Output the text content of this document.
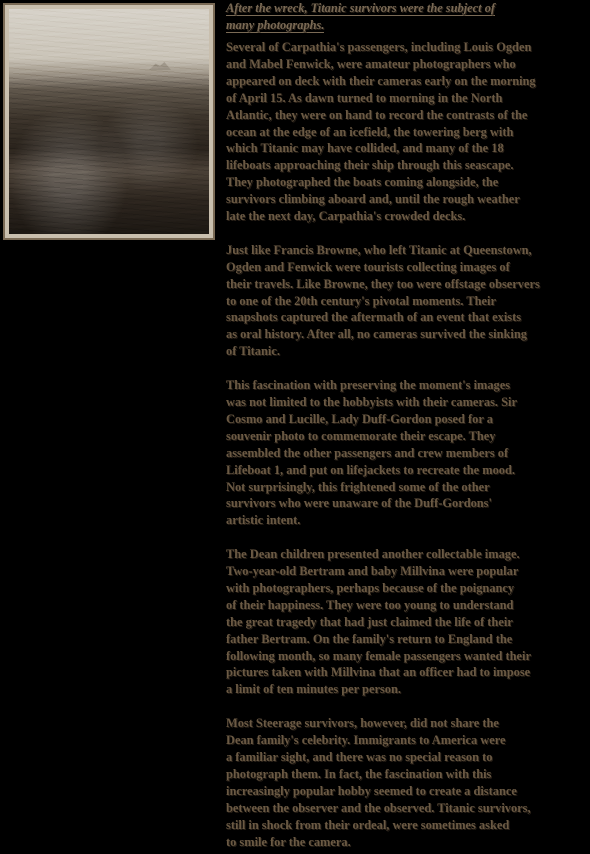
After the wreck, Titanic survivors were the subject of
many photographs.

Several of Carpathia's passengers, including Louis Ogden
and Mabel Fenwick, were amateur photographers who
appeared on deck with their cameras early on the morning
of April 15. As dawn turned to morning in the North
Atlantic, they were on hand to record the contrasts of the
ocean at the edge of an icefield, the towering berg with
which Titanic may have collided, and many of the 18
lifeboats approaching their ship through this seascape.
They photographed the boats coming alongside, the
survivors climbing aboard and, until the rough weather
late the next day, Carpathia's crowded decks.

Just like Francis Browne, who left Titanic at Queenstown,
Ogden and Fenwick were tourists collecting images of
their travels. Like Browne, they too were offstage observers
to one of the 20th century's pivotal moments. Their
snapshots captured the aftermath of an event that exists
as oral history. After all, no cameras survived the sinking
of Titanic.

This fascination with preserving the moment's images
was not limited to the hobbyists with their cameras. Sir
Cosmo and Lucille, Lady Duff-Gordon posed for a
souvenir photo to commemorate their escape. They
assembled the other passengers and crew members of
Lifeboat 1, and put on lifejackets to recreate the mood.
Not surprisingly, this frightened some of the other
survivors who were unaware of the Duff-Gordons'
artistic intent.

The Dean children presented another collectable image.
Two-year-old Bertram and baby Millvina were popular
with photographers, perhaps because of the poignancy
of their happiness. They were too young to understand
the great tragedy that had just claimed the life of their
father Bertram. On the family's return to England the
following month, so many female passengers wanted their
pictures taken with Millvina that an officer had to impose
a limit of ten minutes per person.

Most Steerage survivors, however, did not share the
Dean family's celebrity. Immigrants to America were
a familiar sight, and there was no special reason to
photograph them. In fact, the fascination with this
increasingly popular hobby seemed to create a distance
between the observer and the observed. Titanic survivors,
still in shock from their ordeal, were sometimes asked
to smile for the camera.
